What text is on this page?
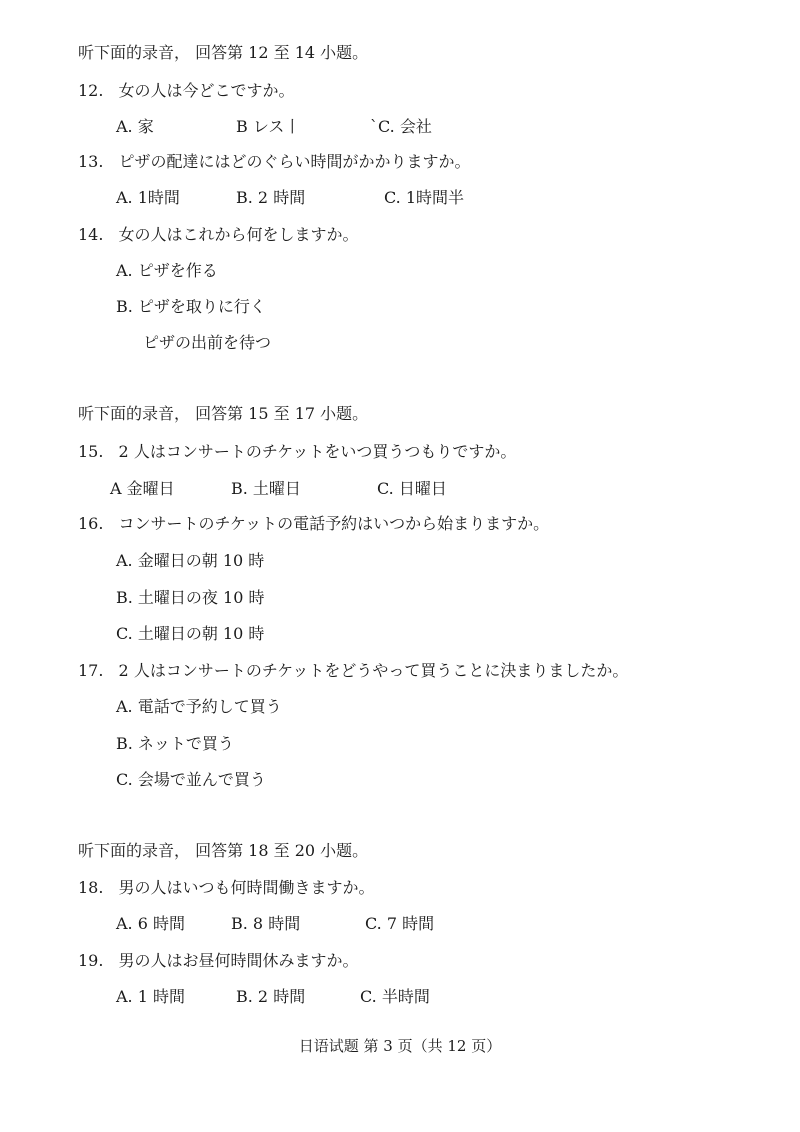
听下面的录音， 回答第 12 至 14 小题。
12. 女の人は今どこですか。
A. 家	B レス丨	`C. 会社
13. ピザの配達にはどのぐらい時間がかかりますか。
A. 1時間	B. 2 時間	C. 1時間半
14. 女の人はこれから何をしますか。
A. ピザを作る
B. ピザを取りに行く
ピザの出前を待つ
听下面的录音， 回答第 15 至 17 小题。
15. 2 人はコンサートのチケットをいつ買うつもりですか。
A 金曜日	B. 土曜日	C. 日曜日
16. コンサートのチケットの電話予約はいつから始まりますか。
A. 金曜日の朝 10 時
B. 土曜日の夜 10 時
C. 土曜日の朝 10 時
17. 2 人はコンサートのチケットをどうやって買うことに決まりましたか。
A. 電話で予約して買う
B. ネットで買う
C. 会場で並んで買う
听下面的录音， 回答第 18 至 20 小题。
18. 男の人はいつも何時間働きますか。
A. 6 時間	B. 8 時間	C. 7 時間
19. 男の人はお昼何時間休みますか。
A. 1 時間	B. 2 時間	C. 半時間
日语试题 第 3 页（共 12 页）
